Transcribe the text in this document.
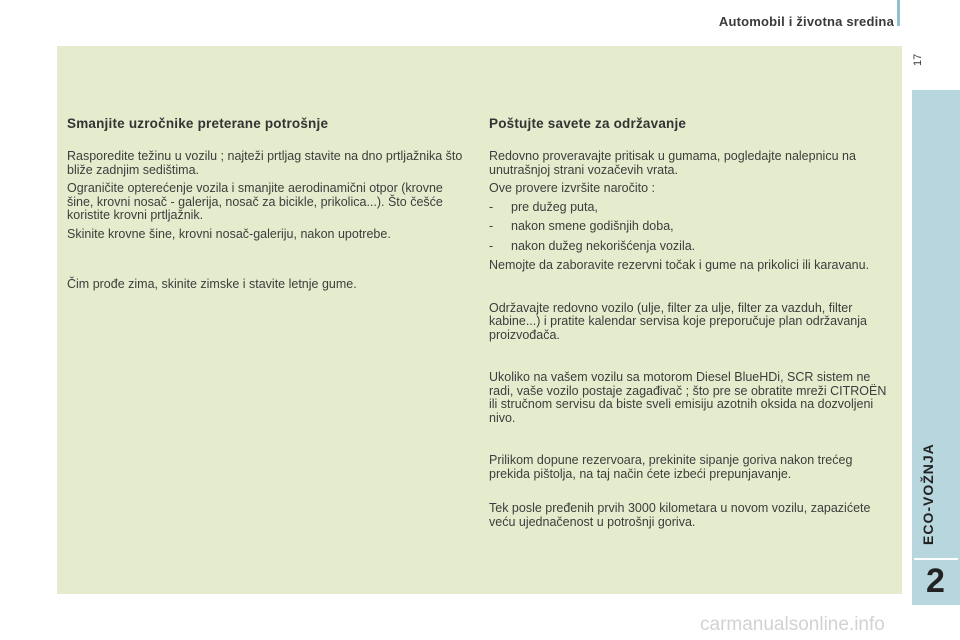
Automobil i životna sredina
17
Smanjite uzročnike preterane potrošnje

Rasporedite težinu u vozilu ; najteži prtljag stavite na dno prtljažnika što bliže zadnjim sedištima.

Ograničite opterećenje vozila i smanjite aerodinamični otpor (krovne šine, krovni nosač - galerija, nosač za bicikle, prikolica...). Što češće koristite krovni prtljažnik.

Skinite krovne šine, krovni nosač-galeriju, nakon upotrebe.

Čim prođe zima, skinite zimske i stavite letnje gume.

Poštujte savete za održavanje

Redovno proveravajte pritisak u gumama, pogledajte nalepnicu na unutrašnjoj strani vozačevih vrata.

Ove provere izvršite naročito :

- pre dužeg puta,
- nakon smene godišnjih doba,
- nakon dužeg nekorišćenja vozila.

Nemojte da zaboravite rezervni točak i gume na prikolici ili karavanu.

Održavajte redovno vozilo (ulje, filter za ulje, filter za vazduh, filter kabine...) i pratite kalendar servisa koje preporučuje plan održavanja proizvođača.

Ukoliko na vašem vozilu sa motorom Diesel BlueHDi, SCR sistem ne radi, vaše vozilo postaje zagađivač ; što pre se obratite mreži CITROËN ili stručnom servisu da biste sveli emisiju azotnih oksida na dozvoljeni nivo.

Prilikom dopune rezervoara, prekinite sipanje goriva nakon trećeg prekida pištolja, na taj način ćete izbeći prepunjavanje.

Tek posle pređenih prvih 3000 kilometara u novom vozilu, zapazićete veću ujednačenost u potrošnji goriva.	ECO-VOŽNJA
2
carmanualsonline.info
